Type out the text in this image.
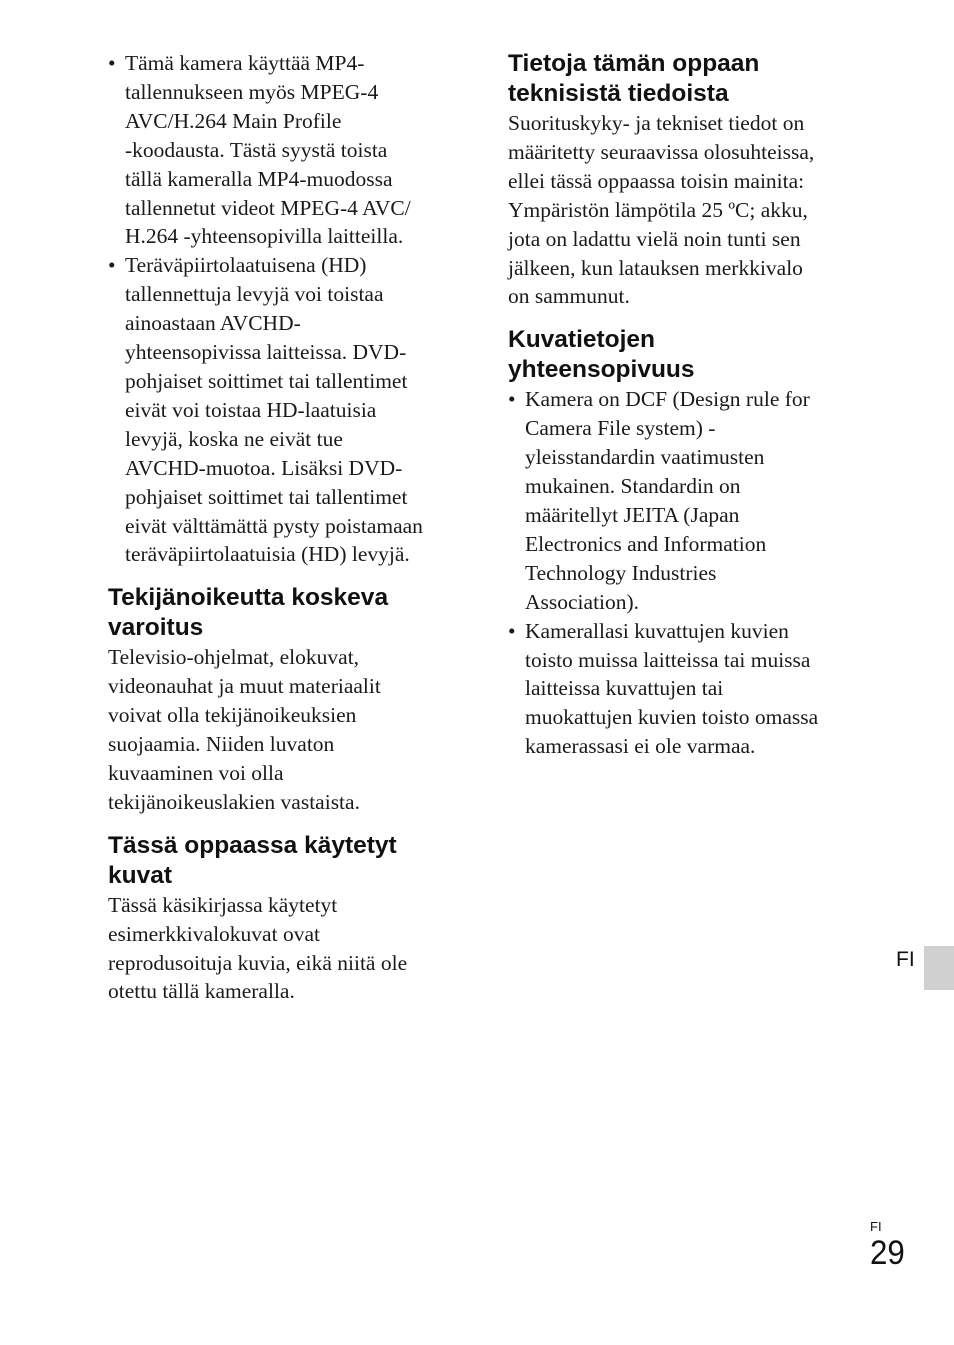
• Tämä kamera käyttää MP4-
tallennukseen myös MPEG-4
AVC/H.264 Main Profile
-koodausta. Tästä syystä toista
tällä kameralla MP4-muodossa
tallennetut videot MPEG-4 AVC/
H.264 -yhteensopivilla laitteilla.
• Teräväpiirtolaatuisena (HD)
tallennettuja levyjä voi toistaa
ainoastaan AVCHD-
yhteensopivissa laitteissa. DVD-
pohjaiset soittimet tai tallentimet
eivät voi toistaa HD-laatuisia
levyjä, koska ne eivät tue
AVCHD-muotoa. Lisäksi DVD-
pohjaiset soittimet tai tallentimet
eivät välttämättä pysty poistamaan
teräväpiirtolaatuisia (HD) levyjä.
Tekijänoikeutta koskeva
varoitus

Televisio-ohjelmat, elokuvat,
videonauhat ja muut materiaalit
voivat olla tekijänoikeuksien
suojaamia. Niiden luvaton
kuvaaminen voi olla
tekijänoikeuslakien vastaista.

Tässä oppaassa käytetyt
kuvat

Tässä käsikirjassa käytetyt
esimerkkivalokuvat ovat
reprodusoituja kuvia, eikä niitä ole
otettu tällä kameralla.

Tietoja tämän oppaan
teknisistä tiedoista

Suorituskyky- ja tekniset tiedot on
määritetty seuraavissa olosuhteissa,
ellei tässä oppaassa toisin mainita:
Ympäristön lämpötila 25 ºC; akku,
jota on ladattu vielä noin tunti sen
jälkeen, kun latauksen merkkivalo
on sammunut.

Kuvatietojen
yhteensopivuus
• Kamera on DCF (Design rule for
Camera File system) -
yleisstandardin vaatimusten
mukainen. Standardin on
määritellyt JEITA (Japan
Electronics and Information
Technology Industries
Association).
• Kamerallasi kuvattujen kuvien
toisto muissa laitteissa tai muissa
laitteissa kuvattujen tai
muokattujen kuvien toisto omassa
kamerassasi ei ole varmaa.
FI
FI
29
